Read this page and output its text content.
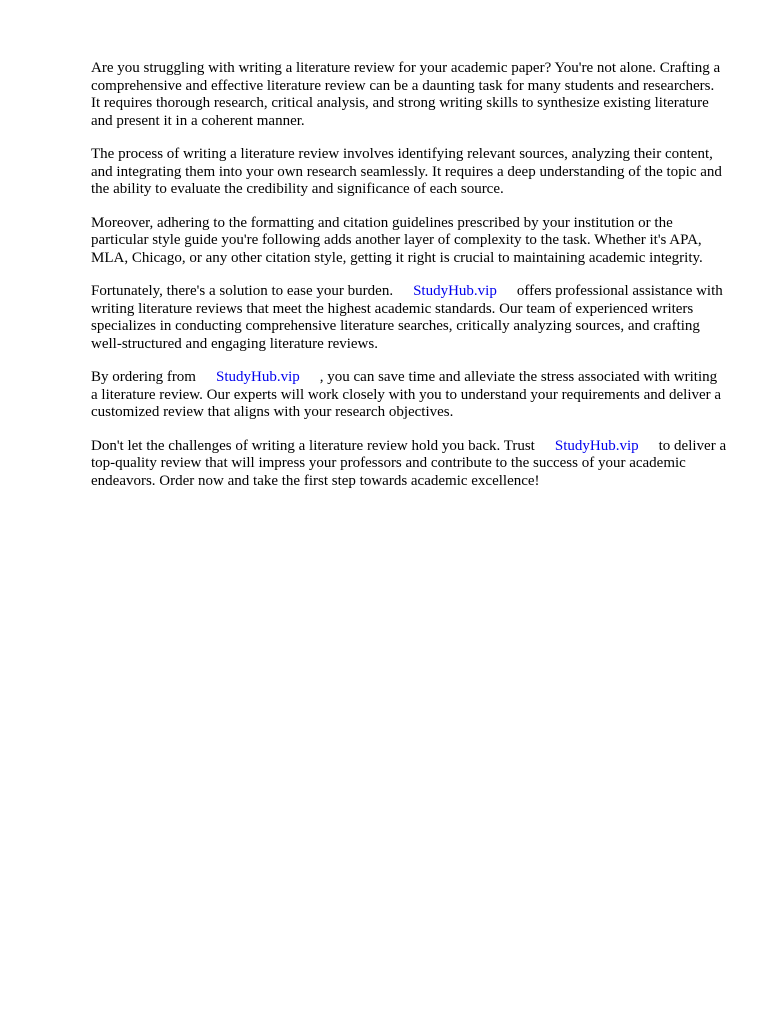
Are you struggling with writing a literature review for your academic paper? You're not alone. Crafting a comprehensive and effective literature review can be a daunting task for many students and researchers. It requires thorough research, critical analysis, and strong writing skills to synthesize existing literature and present it in a coherent manner.

The process of writing a literature review involves identifying relevant sources, analyzing their content, and integrating them into your own research seamlessly. It requires a deep understanding of the topic and the ability to evaluate the credibility and significance of each source.

Moreover, adhering to the formatting and citation guidelines prescribed by your institution or the particular style guide you're following adds another layer of complexity to the task. Whether it's APA, MLA, Chicago, or any other citation style, getting it right is crucial to maintaining academic integrity.

Fortunately, there's a solution to ease your burden. StudyHub.vip offers professional assistance with writing literature reviews that meet the highest academic standards. Our team of experienced writers specializes in conducting comprehensive literature searches, critically analyzing sources, and crafting well-structured and engaging literature reviews.

By ordering from StudyHub.vip , you can save time and alleviate the stress associated with writing a literature review. Our experts will work closely with you to understand your requirements and deliver a customized review that aligns with your research objectives.

Don't let the challenges of writing a literature review hold you back. Trust StudyHub.vip to deliver a top-quality review that will impress your professors and contribute to the success of your academic endeavors. Order now and take the first step towards academic excellence!
